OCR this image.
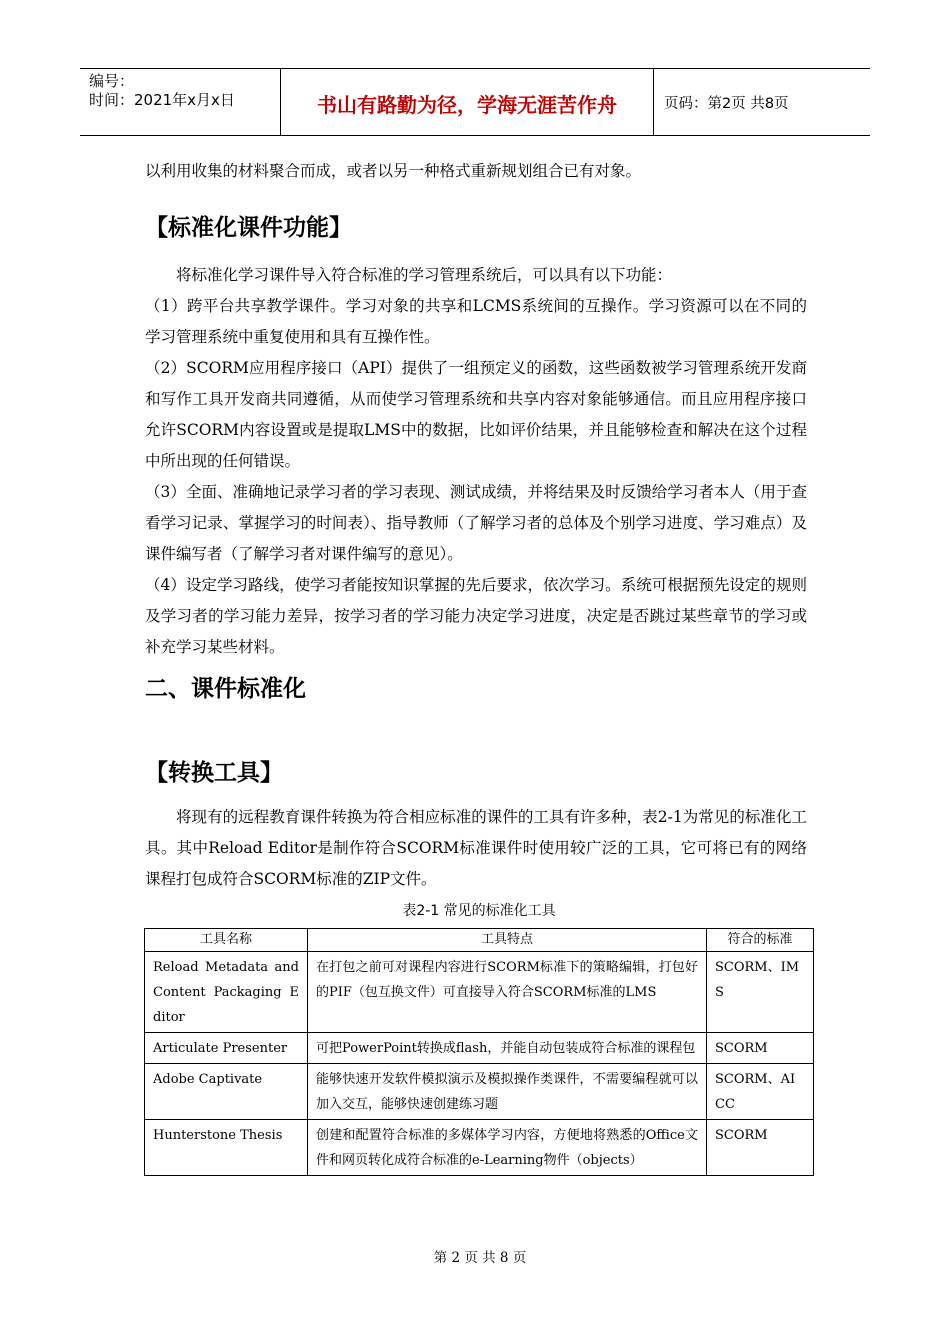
编号：
时间：2021年x月x日	书山有路勤为径，学海无涯苦作舟	页码：第2页 共8页

以利用收集的材料聚合而成，或者以另一种格式重新规划组合已有对象。

【标准化课件功能】

将标准化学习课件导入符合标准的学习管理系统后，可以具有以下功能：

（1）跨平台共享教学课件。学习对象的共享和LCMS系统间的互操作。学习资源可以在不同的学习管理系统中重复使用和具有互操作性。

（2）SCORM应用程序接口（API）提供了一组预定义的函数，这些函数被学习管理系统开发商和写作工具开发商共同遵循，从而使学习管理系统和共享内容对象能够通信。而且应用程序接口允许SCORM内容设置或是提取LMS中的数据，比如评价结果，并且能够检查和解决在这个过程中所出现的任何错误。

（3）全面、准确地记录学习者的学习表现、测试成绩，并将结果及时反馈给学习者本人（用于查看学习记录、掌握学习的时间表）、指导教师（了解学习者的总体及个别学习进度、学习难点）及课件编写者（了解学习者对课件编写的意见）。

（4）设定学习路线，使学习者能按知识掌握的先后要求，依次学习。系统可根据预先设定的规则及学习者的学习能力差异，按学习者的学习能力决定学习进度，决定是否跳过某些章节的学习或补充学习某些材料。

二、课件标准化
【转换工具】

将现有的远程教育课件转换为符合相应标准的课件的工具有许多种，表2-1为常见的标准化工具。其中Reload Editor是制作符合SCORM标准课件时使用较广泛的工具，它可将已有的网络课程打包成符合SCORM标准的ZIP文件。

表2-1 常见的标准化工具
工具名称	工具特点	符合的标准
Reload Metadata and Content Packaging Editor	在打包之前可对课程内容进行SCORM标准下的策略编辑，打包好的PIF（包互换文件）可直接导入符合SCORM标准的LMS	SCORM、IMS
Articulate Presenter	可把PowerPoint转换成flash，并能自动包装成符合标准的课程包	SCORM
Adobe Captivate	能够快速开发软件模拟演示及模拟操作类课件，不需要编程就可以加入交互，能够快速创建练习题	SCORM、AICC
Hunterstone Thesis	创建和配置符合标准的多媒体学习内容，方便地将熟悉的Office文件和网页转化成符合标准的e-Learning物件（objects）	SCORM
第 2 页 共 8 页
